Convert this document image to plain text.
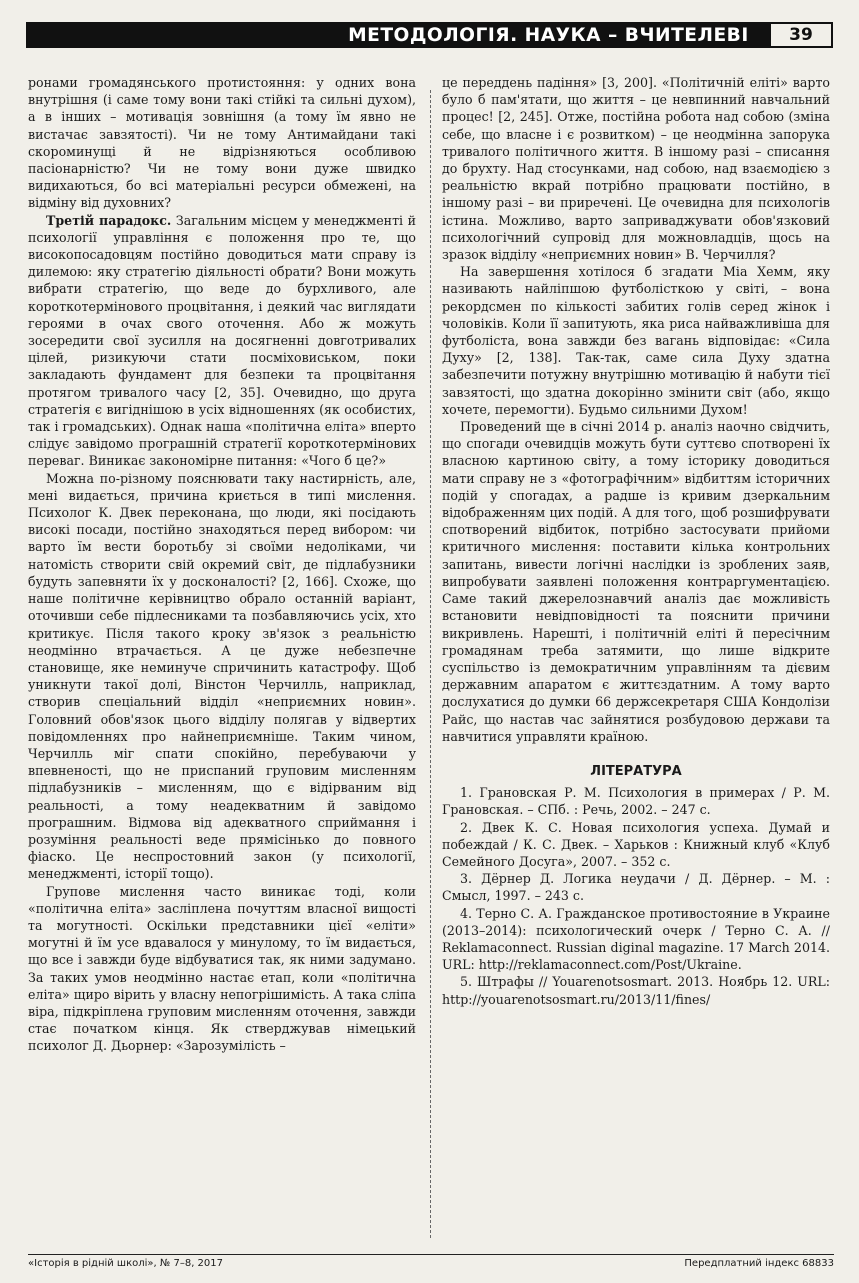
МЕТОДОЛОГІЯ. НАУКА – ВЧИТЕЛЕВІ	39

ронами громадянського протистояння: у одних вона внутрішня (і саме тому вони такі стійкі та сильні духом), а в інших – мотивація зовнішня (а тому їм явно не вистачає завзятості). Чи не тому Антимайдани такі скороминущі й не відрізняються особливою пасіонарністю? Чи не тому вони дуже швидко видихаються, бо всі матеріальні ресурси обмежені, на відміну від духовних?

Третій парадокс. Загальним місцем у менеджменті й психології управління є положення про те, що високопосадовцям постійно доводиться мати справу із дилемою: яку стратегію діяльності обрати? Вони можуть вибрати стратегію, що веде до бурхливого, але короткотермінового процвітання, і деякий час виглядати героями в очах свого оточення. Або ж можуть зосередити свої зусилля на досягненні довготривалих цілей, ризикуючи стати посміховиськом, поки закладають фундамент для безпеки та процвітання протягом тривалого часу [2, 35]. Очевидно, що друга стратегія є вигіднішою в усіх відношеннях (як особистих, так і громадських). Однак наша «політична еліта» вперто слідує завідомо програшній стратегії короткотермінових переваг. Виникає закономірне питання: «Чого б це?»

Можна по-різному пояснювати таку настирність, але, мені видається, причина криється в типі мислення. Психолог К. Двек переконана, що люди, які посідають високі посади, постійно знаходяться перед вибором: чи варто їм вести боротьбу зі своїми недоліками, чи натомість створити свій окремий світ, де підлабузники будуть запевняти їх у досконалості? [2, 166]. Схоже, що наше політичне керівництво обрало останній варіант, оточивши себе підлесниками та позбавляючись усіх, хто критикує. Після такого кроку зв'язок з реальністю неодмінно втрачається. А це дуже небезпечне становище, яке неминуче спричинить катастрофу. Щоб уникнути такої долі, Вінстон Черчилль, наприклад, створив спеціальний відділ «неприємних новин». Головний обов'язок цього відділу полягав у відвертих повідомленнях про найнеприємніше. Таким чином, Черчилль міг спати спокійно, перебуваючи у впевненості, що не приспаний груповим мисленням підлабузників – мисленням, що є відірваним від реальності, а тому неадекватним й завідомо програшним. Відмова від адекватного сприймання і розуміння реальності веде прямісінько до повного фіаско. Це неспростовний закон (у психології, менеджменті, історії тощо).

Групове мислення часто виникає тоді, коли «політична еліта» засліплена почуттям власної вищості та могутності. Оскільки представники цієї «еліти» могутні й їм усе вдавалося у минулому, то їм видається, що все і завжди буде відбуватися так, як ними задумано. За таких умов неодмінно настає етап, коли «політична еліта» щиро вірить у власну непогрішимість. А така сліпа віра, підкріплена груповим мисленням оточення, завжди стає початком кінця. Як стверджував німецький психолог Д. Дьорнер: «Зарозумілість –

це переддень падіння» [3, 200]. «Політичній еліті» варто було б пам'ятати, що життя – це невпинний навчальний процес! [2, 245]. Отже, постійна робота над собою (зміна себе, що власне і є розвитком) – це неодмінна запорука тривалого політичного життя. В іншому разі – списання до брухту. Над стосунками, над собою, над взаємодією з реальністю вкрай потрібно працювати постійно, в іншому разі – ви приречені. Це очевидна для психологів істина. Можливо, варто заприваджувати обов'язковий психологічний супровід для можновладців, щось на зразок відділу «неприємних новин» В. Черчилля?

На завершення хотілося б згадати Міа Хемм, яку називають найліпшою футболісткою у світі, – вона рекордсмен по кількості забитих голів серед жінок і чоловіків. Коли її запитують, яка риса найважливіша для футболіста, вона завжди без вагань відповідає: «Сила Духу» [2, 138]. Так-так, саме сила Духу здатна забезпечити потужну внутрішню мотивацію й набути тієї завзятості, що здатна докорінно змінити світ (або, якщо хочете, перемогти). Будьмо сильними Духом!

Проведений ще в січні 2014 р. аналіз наочно свідчить, що спогади очевидців можуть бути суттєво спотворені їх власною картиною світу, а тому історику доводиться мати справу не з «фотографічним» відбиттям історичних подій у спогадах, а радше із кривим дзеркальним відображенням цих подій. А для того, щоб розшифрувати спотворений відбиток, потрібно застосувати прийоми критичного мислення: поставити кілька контрольних запитань, вивести логічні наслідки із зроблених заяв, випробувати заявлені положення контраргументацією. Саме такий джерелознавчий аналіз дає можливість встановити невідповідності та пояснити причини викривлень. Нарешті, і політичній еліті й пересічним громадянам треба затямити, що лише відкрите суспільство із демократичним управлінням та дієвим державним апаратом є життєздатним. А тому варто дослухатися до думки 66 держсекретаря США Кондолізи Райс, що настав час зайнятися розбудовою держави та навчитися управляти країною.

ЛІТЕРАТУРА

1. Грановская Р. М. Психология в примерах / Р. М. Грановская. – СПб. : Речь, 2002. – 247 с.

2. Двек К. С. Новая психология успеха. Думай и побеждай / К. С. Двек. – Харьков : Книжный клуб «Клуб Семейного Досуга», 2007. – 352 с.

3. Дёрнер Д. Логика неудачи / Д. Дёрнер. – М. : Смысл, 1997. – 243 с.

4. Терно С. А. Гражданское противостояние в Украине (2013–2014): психологический очерк / Терно С. А. // Reklamaconnect. Russian diginal magazine. 17 March 2014. URL: http://reklamaconnect.com/Post/Ukraine.

5. Штрафы // Youarenotsosmart. 2013. Ноябрь 12. URL: http://youarenotsosmart.ru/2013/11/fines/

«Історія в рідній школі», № 7–8, 2017	Передплатний індекс 68833
